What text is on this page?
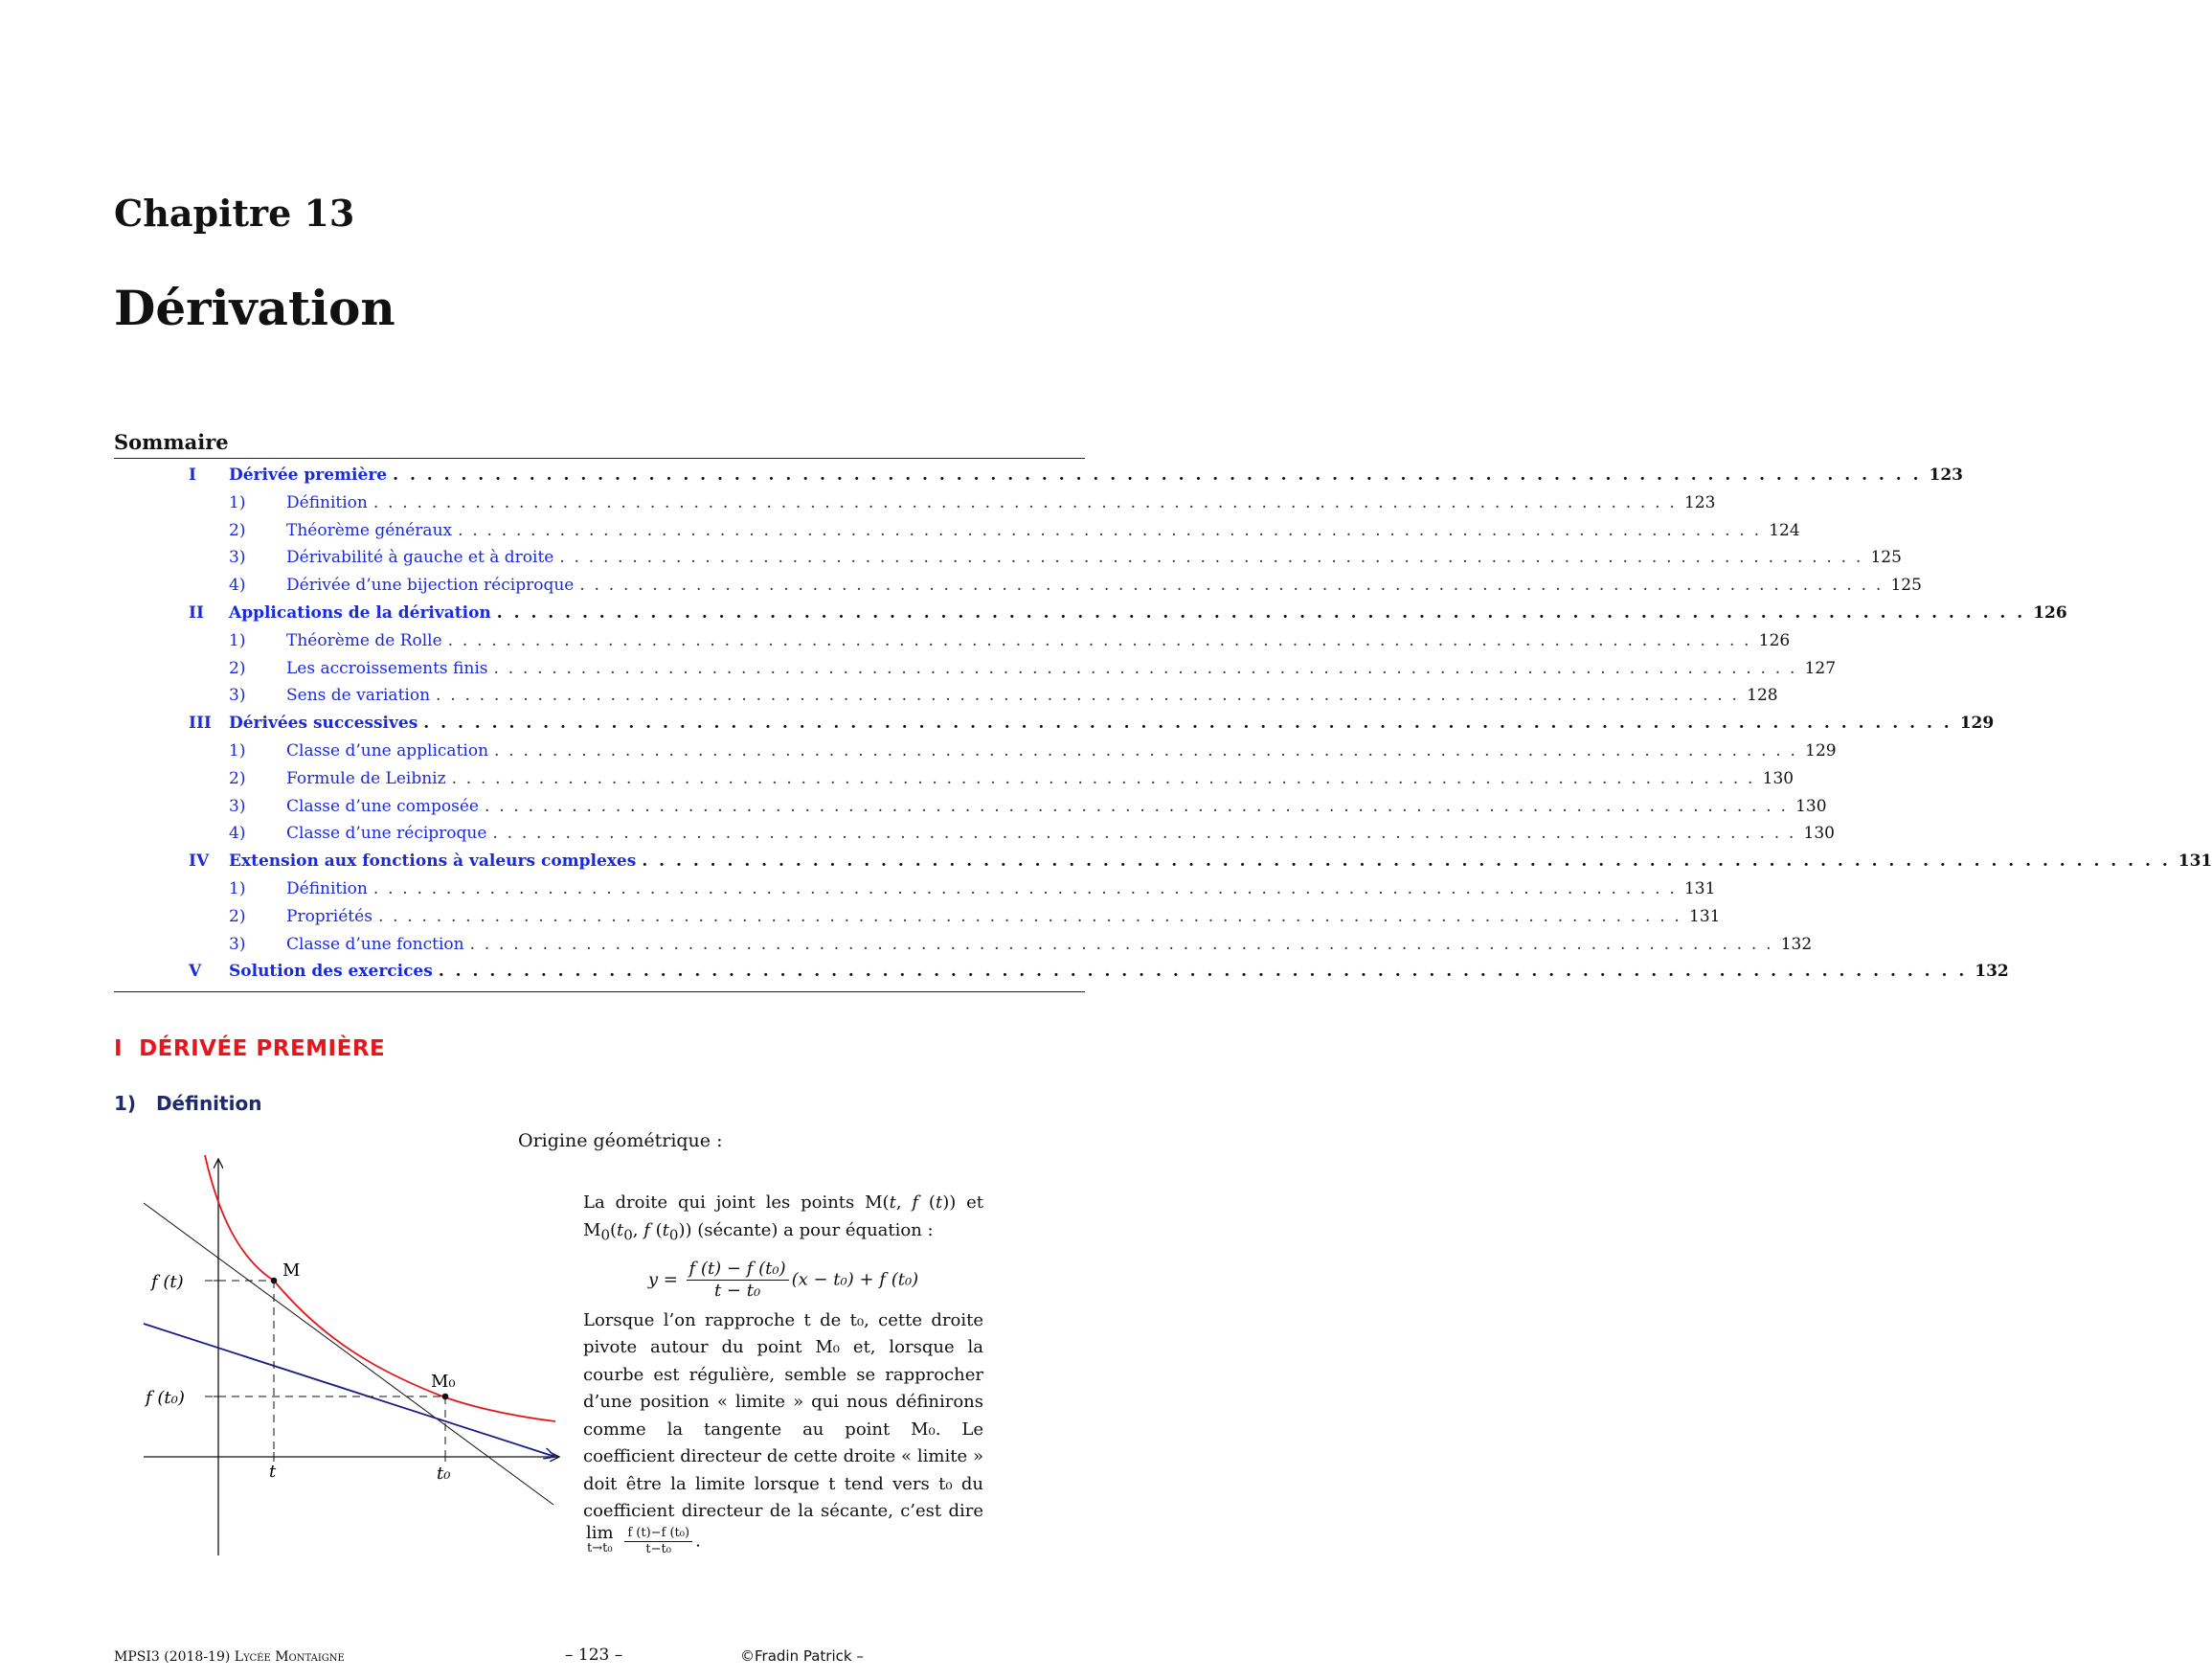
Chapitre 13
Dérivation
Sommaire
I Dérivée première . . . . . . . . . . . . . . . . . . . . . . . . . . . . . . . . . . . . . . . . . . . . . . . . . . . . . . . . . . . . . . . . . . . . . . . . . . . . . . . . . . . . . . . . . . 123
1)	Définition . . . . . . . . . . . . . . . . . . . . . . . . . . . . . . . . . . . . . . . . . . . . . . . . . . . . . . . . . . . . . . . . . . . . . . . . . . . . . . . . . . . . . . . . . . 123
2)	Théorème généraux . . . . . . . . . . . . . . . . . . . . . . . . . . . . . . . . . . . . . . . . . . . . . . . . . . . . . . . . . . . . . . . . . . . . . . . . . . . . . . . . . . . . . . . . . . 124
3)	Dérivabilité à gauche et à droite . . . . . . . . . . . . . . . . . . . . . . . . . . . . . . . . . . . . . . . . . . . . . . . . . . . . . . . . . . . . . . . . . . . . . . . . . . . . . . . . . . . . . . . . . . 125
4)	Dérivée d’une bijection réciproque . . . . . . . . . . . . . . . . . . . . . . . . . . . . . . . . . . . . . . . . . . . . . . . . . . . . . . . . . . . . . . . . . . . . . . . . . . . . . . . . . . . . . . . . . . 125
II Applications de la dérivation . . . . . . . . . . . . . . . . . . . . . . . . . . . . . . . . . . . . . . . . . . . . . . . . . . . . . . . . . . . . . . . . . . . . . . . . . . . . . . . . . . . . . . . . . . 126
1)	Théorème de Rolle . . . . . . . . . . . . . . . . . . . . . . . . . . . . . . . . . . . . . . . . . . . . . . . . . . . . . . . . . . . . . . . . . . . . . . . . . . . . . . . . . . . . . . . . . . 126
2)	Les accroissements finis . . . . . . . . . . . . . . . . . . . . . . . . . . . . . . . . . . . . . . . . . . . . . . . . . . . . . . . . . . . . . . . . . . . . . . . . . . . . . . . . . . . . . . . . . . 127
3)	Sens de variation . . . . . . . . . . . . . . . . . . . . . . . . . . . . . . . . . . . . . . . . . . . . . . . . . . . . . . . . . . . . . . . . . . . . . . . . . . . . . . . . . . . . . . . . . . 128
III Dérivées successives . . . . . . . . . . . . . . . . . . . . . . . . . . . . . . . . . . . . . . . . . . . . . . . . . . . . . . . . . . . . . . . . . . . . . . . . . . . . . . . . . . . . . . . . . . 129
1)	Classe d’une application . . . . . . . . . . . . . . . . . . . . . . . . . . . . . . . . . . . . . . . . . . . . . . . . . . . . . . . . . . . . . . . . . . . . . . . . . . . . . . . . . . . . . . . . . . 129
2)	Formule de Leibniz . . . . . . . . . . . . . . . . . . . . . . . . . . . . . . . . . . . . . . . . . . . . . . . . . . . . . . . . . . . . . . . . . . . . . . . . . . . . . . . . . . . . . . . . . . 130
3)	Classe d’une composée . . . . . . . . . . . . . . . . . . . . . . . . . . . . . . . . . . . . . . . . . . . . . . . . . . . . . . . . . . . . . . . . . . . . . . . . . . . . . . . . . . . . . . . . . . 130
4)	Classe d’une réciproque . . . . . . . . . . . . . . . . . . . . . . . . . . . . . . . . . . . . . . . . . . . . . . . . . . . . . . . . . . . . . . . . . . . . . . . . . . . . . . . . . . . . . . . . . . 130
IV Extension aux fonctions à valeurs complexes . . . . . . . . . . . . . . . . . . . . . . . . . . . . . . . . . . . . . . . . . . . . . . . . . . . . . . . . . . . . . . . . . . . . . . . . . . . . . . . . . . . . . . . . . . 131
1)	Définition . . . . . . . . . . . . . . . . . . . . . . . . . . . . . . . . . . . . . . . . . . . . . . . . . . . . . . . . . . . . . . . . . . . . . . . . . . . . . . . . . . . . . . . . . . 131
2)	Propriétés . . . . . . . . . . . . . . . . . . . . . . . . . . . . . . . . . . . . . . . . . . . . . . . . . . . . . . . . . . . . . . . . . . . . . . . . . . . . . . . . . . . . . . . . . . 131
3)	Classe d’une fonction . . . . . . . . . . . . . . . . . . . . . . . . . . . . . . . . . . . . . . . . . . . . . . . . . . . . . . . . . . . . . . . . . . . . . . . . . . . . . . . . . . . . . . . . . . 132
V Solution des exercices . . . . . . . . . . . . . . . . . . . . . . . . . . . . . . . . . . . . . . . . . . . . . . . . . . . . . . . . . . . . . . . . . . . . . . . . . . . . . . . . . . . . . . . . . . 132
I DÉRIVÉE PREMIÈRE
1) Définition
Origine géométrique :
M
M₀
f (t)
f (t₀)
t	t₀

La droite qui joint les points M(t, f (t)) et $M_0(t_0$, f $(t_0)$) (sécante) a pour équation :

$y = \frac{\text{f (t) − f (t₀)}}{\text{t − t₀}} (x - t_0) + f$ (t₀)

Lorsque l’on rapproche t de t₀, cette droite pivote autour du point M₀ et, lorsque la courbe est régulière, semble se rapprocher d’une position « limite » qui nous définirons comme la tangente au point M₀. Le coefficient directeur de cette droite « limite » doit être la limite lorsque t tend vers t₀ du coefficient directeur de la sécante, c’est dire
lim
t→t₀
$\frac{\text{f (t)−f (t₀)}}{\text{t−t₀}}$ .

MPSI3 (2018-19) Lycée Montaigne	– 123 –	©Fradin Patrick –
